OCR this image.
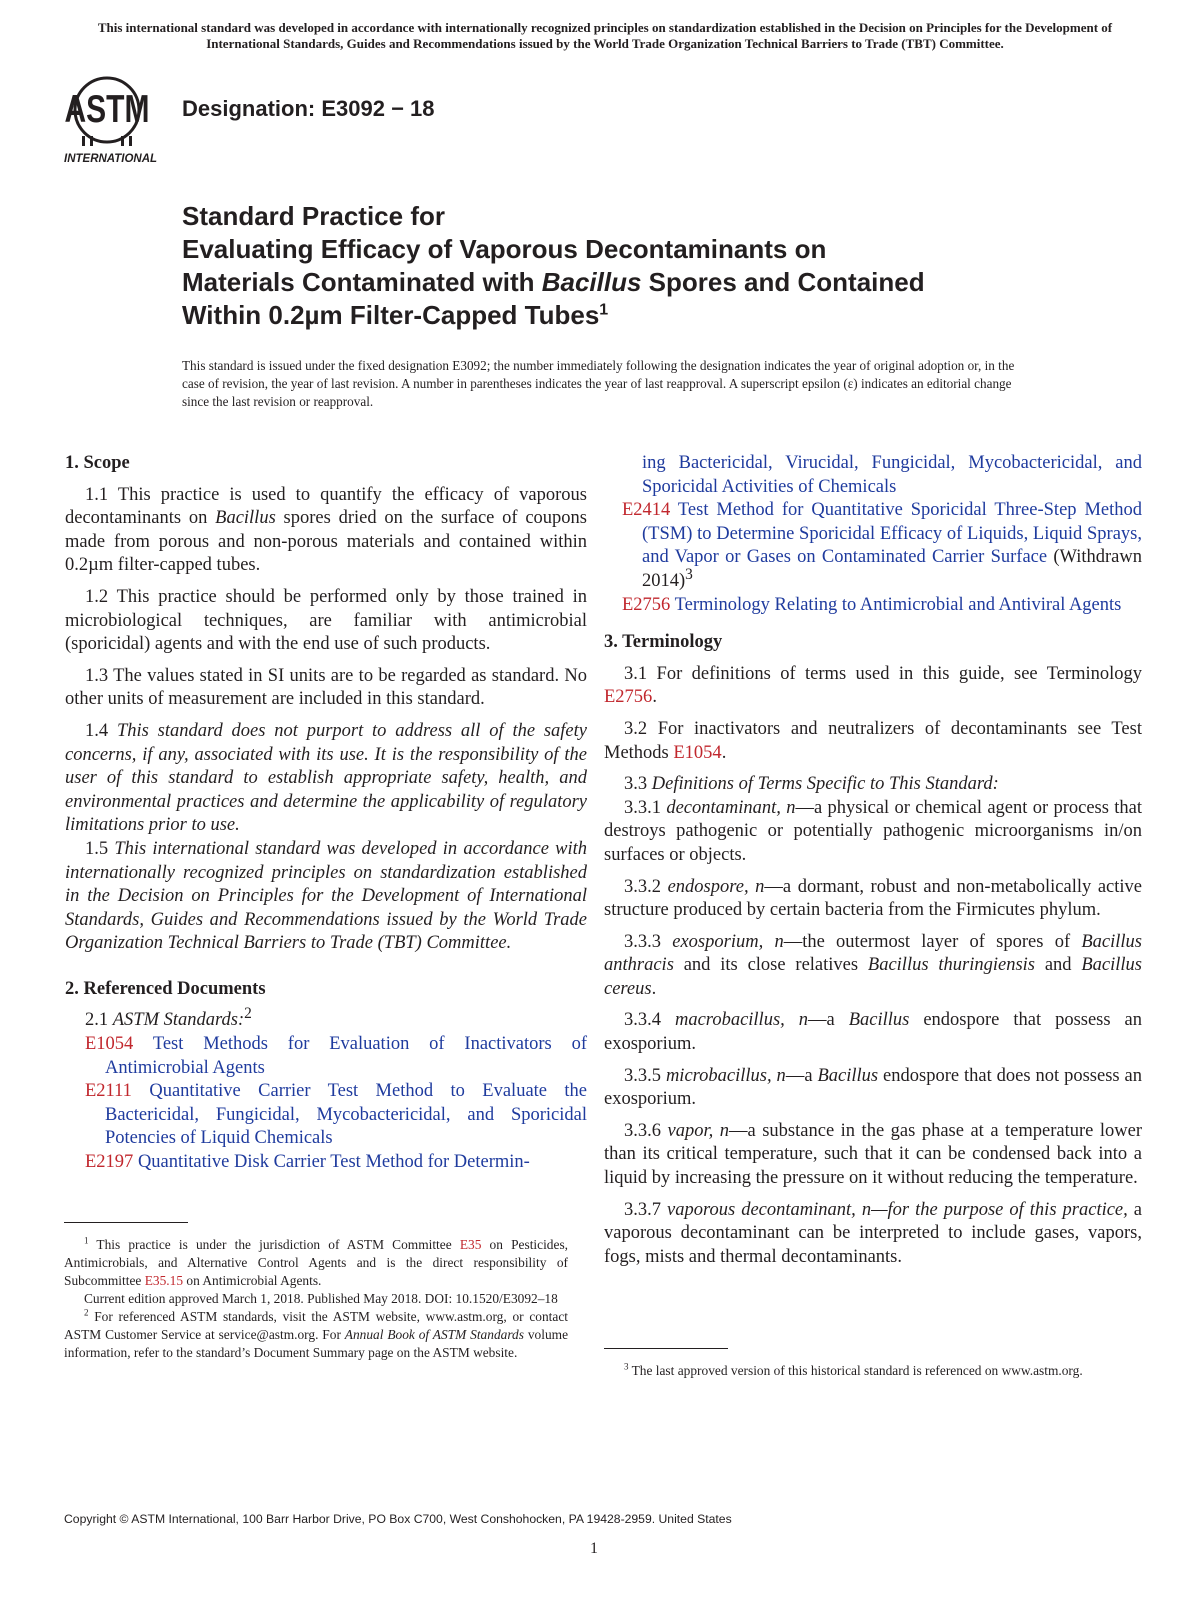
This international standard was developed in accordance with internationally recognized principles on standardization established in the Decision on Principles for the Development of International Standards, Guides and Recommendations issued by the World Trade Organization Technical Barriers to Trade (TBT) Committee.
ASTM
INTERNATIONAL
Designation: E3092 − 18
Standard Practice for
Evaluating Efficacy of Vaporous Decontaminants on
Materials Contaminated with Bacillus Spores and Contained
Within 0.2µm Filter-Capped Tubes$^1$
This standard is issued under the fixed designation E3092; the number immediately following the designation indicates the year of original adoption or, in the case of revision, the year of last revision. A number in parentheses indicates the year of last reapproval. A superscript epsilon (ε) indicates an editorial change since the last revision or reapproval.
1. Scope

1.1 This practice is used to quantify the efficacy of vaporous decontaminants on Bacillus spores dried on the surface of coupons made from porous and non-porous materials and contained within 0.2µm filter-capped tubes.

1.2 This practice should be performed only by those trained in microbiological techniques, are familiar with antimicrobial (sporicidal) agents and with the end use of such products.

1.3 The values stated in SI units are to be regarded as standard. No other units of measurement are included in this standard.

1.4 This standard does not purport to address all of the safety concerns, if any, associated with its use. It is the responsibility of the user of this standard to establish appropriate safety, health, and environmental practices and determine the applicability of regulatory limitations prior to use.

1.5 This international standard was developed in accordance with internationally recognized principles on standardization established in the Decision on Principles for the Development of International Standards, Guides and Recommendations issued by the World Trade Organization Technical Barriers to Trade (TBT) Committee.

2. Referenced Documents

2.1 ASTM Standards:$^2$

E1054 Test Methods for Evaluation of Inactivators of Antimicrobial Agents

E2111 Quantitative Carrier Test Method to Evaluate the Bactericidal, Fungicidal, Mycobactericidal, and Sporicidal Potencies of Liquid Chemicals

E2197 Quantitative Disk Carrier Test Method for Determin-

$^1$ This practice is under the jurisdiction of ASTM Committee E35 on Pesticides, Antimicrobials, and Alternative Control Agents and is the direct responsibility of Subcommittee E35.15 on Antimicrobial Agents.

Current edition approved March 1, 2018. Published May 2018. DOI: 10.1520/E3092–18

$^2$ For referenced ASTM standards, visit the ASTM website, www.astm.org, or contact ASTM Customer Service at service@astm.org. For Annual Book of ASTM Standards volume information, refer to the standard’s Document Summary page on the ASTM website.

ing Bactericidal, Virucidal, Fungicidal, Mycobactericidal, and Sporicidal Activities of Chemicals

E2414 Test Method for Quantitative Sporicidal Three-Step Method (TSM) to Determine Sporicidal Efficacy of Liquids, Liquid Sprays, and Vapor or Gases on Contaminated Carrier Surface (Withdrawn 2014)$^3$

E2756 Terminology Relating to Antimicrobial and Antiviral Agents

3. Terminology

3.1 For definitions of terms used in this guide, see Terminology E2756.

3.2 For inactivators and neutralizers of decontaminants see Test Methods E1054.

3.3 Definitions of Terms Specific to This Standard:

3.3.1 decontaminant, n—a physical or chemical agent or process that destroys pathogenic or potentially pathogenic microorganisms in/on surfaces or objects.

3.3.2 endospore, n—a dormant, robust and non-metabolically active structure produced by certain bacteria from the Firmicutes phylum.

3.3.3 exosporium, n—the outermost layer of spores of Bacillus anthracis and its close relatives Bacillus thuringiensis and Bacillus cereus.

3.3.4 macrobacillus, n—a Bacillus endospore that possess an exosporium.

3.3.5 microbacillus, n—a Bacillus endospore that does not possess an exosporium.

3.3.6 vapor, n—a substance in the gas phase at a temperature lower than its critical temperature, such that it can be condensed back into a liquid by increasing the pressure on it without reducing the temperature.

3.3.7 vaporous decontaminant, n—for the purpose of this practice, a vaporous decontaminant can be interpreted to include gases, vapors, fogs, mists and thermal decontaminants.

$^3$ The last approved version of this historical standard is referenced on www.astm.org.

Copyright © ASTM International, 100 Barr Harbor Drive, PO Box C700, West Conshohocken, PA 19428-2959. United States
1
